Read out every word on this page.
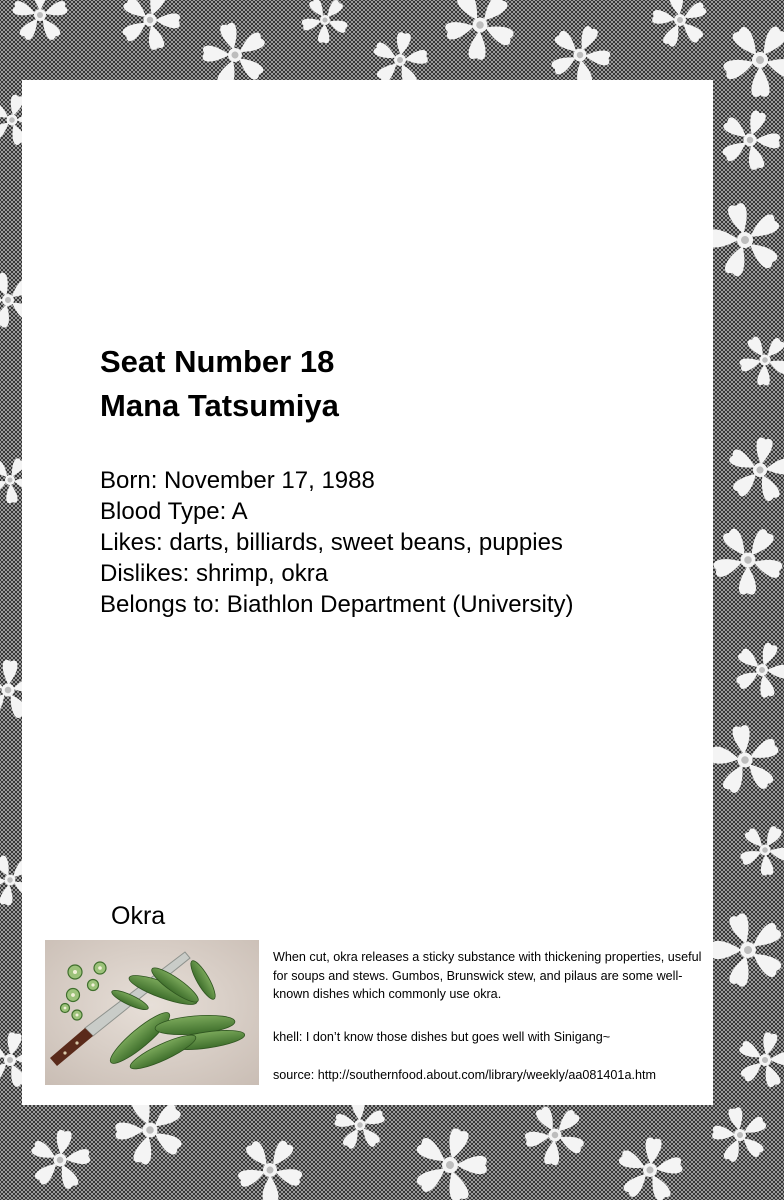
Seat Number 18
Mana Tatsumiya
Born: November 17, 1988
Blood Type: A
Likes: darts, billiards, sweet beans, puppies
Dislikes: shrimp, okra
Belongs to: Biathlon Department (University)
Okra

When cut, okra releases a sticky substance with thickening properties, useful for soups and stews. Gumbos, Brunswick stew, and pilaus are some well-known dishes which commonly use okra.

khell: I don’t know those dishes but goes well with Sinigang~

source: http://southernfood.about.com/library/weekly/aa081401a.htm
